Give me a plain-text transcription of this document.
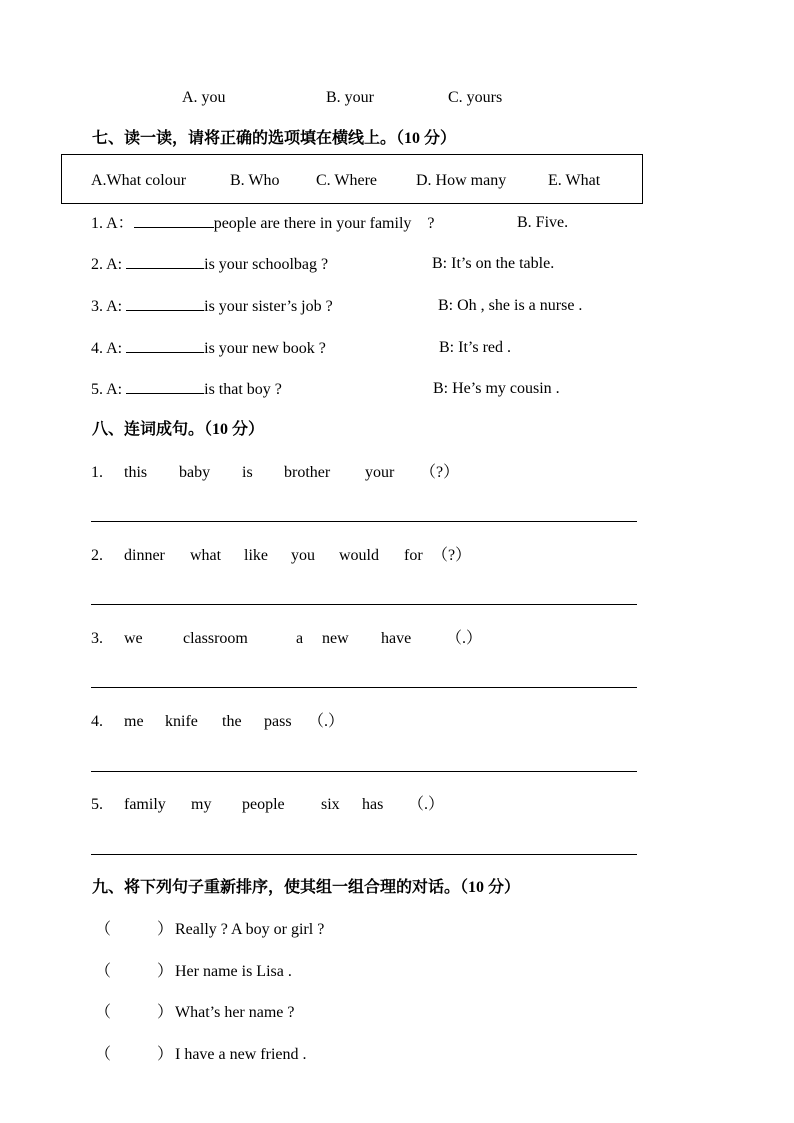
A. you	B. your	C. yours
七、读一读，请将正确的选项填在横线上。（10 分）
A.What colour	B. Who C. Where D. How many	E. What
1. A：	people are there in your family　?	B. Five.
2. A:	is your schoolbag ?	B: It’s on the table.
3. A:	is your sister’s job ?	B: Oh , she is a nurse .
4. A:	is your new book ?	B: It’s red .
5. A:	is that boy ?	B: He’s my cousin .
八、连词成句。（10 分）
1. this baby is brother your （?）
2. dinner what like you would for （?）
3. we	classroom	a new have （.）
4. me knife the pass （.）
5. family my people six has （.）
九、将下列句子重新排序，使其组一组合理的对话。（10 分）
（	） Really ? A boy or girl ?
（	） Her name is Lisa .
（	） What’s her name ?
（	） I have a new friend .
